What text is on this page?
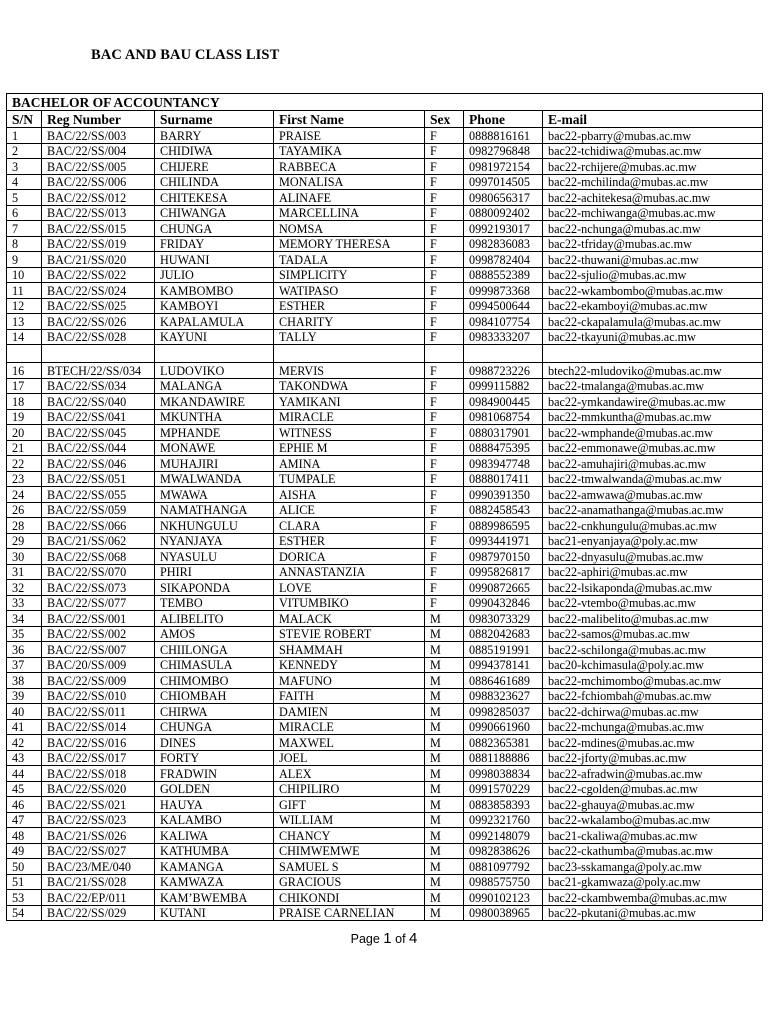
BAC AND BAU CLASS LIST
BACHELOR OF ACCOUNTANCY						
S/N	Reg Number	Surname	First Name	Sex	Phone	E-mail
1	BAC/22/SS/003	BARRY	PRAISE	F	0888816161	bac22-pbarry@mubas.ac.mw
2	BAC/22/SS/004	CHIDIWA	TAYAMIKA	F	0982796848	bac22-tchidiwa@mubas.ac.mw
3	BAC/22/SS/005	CHIJERE	RABBECA	F	0981972154	bac22-rchijere@mubas.ac.mw
4	BAC/22/SS/006	CHILINDA	MONALISA	F	0997014505	bac22-mchilinda@mubas.ac.mw
5	BAC/22/SS/012	CHITEKESA	ALINAFE	F	0980656317	bac22-achitekesa@mubas.ac.mw
6	BAC/22/SS/013	CHIWANGA	MARCELLINA	F	0880092402	bac22-mchiwanga@mubas.ac.mw
7	BAC/22/SS/015	CHUNGA	NOMSA	F	0992193017	bac22-nchunga@mubas.ac.mw
8	BAC/22/SS/019	FRIDAY	MEMORY THERESA	F	0982836083	bac22-tfriday@mubas.ac.mw
9	BAC/21/SS/020	HUWANI	TADALA	F	0998782404	bac22-thuwani@mubas.ac.mw
10	BAC/22/SS/022	JULIO	SIMPLICITY	F	0888552389	bac22-sjulio@mubas.ac.mw
11	BAC/22/SS/024	KAMBOMBO	WATIPASO	F	0999873368	bac22-wkambombo@mubas.ac.mw
12	BAC/22/SS/025	KAMBOYI	ESTHER	F	0994500644	bac22-ekamboyi@mubas.ac.mw
13	BAC/22/SS/026	KAPALAMULA	CHARITY	F	0984107754	bac22-ckapalamula@mubas.ac.mw
14	BAC/22/SS/028	KAYUNI	TALLY	F	0983333207	bac22-tkayuni@mubas.ac.mw

16	BTECH/22/SS/034	LUDOVIKO	MERVIS	F	0988723226	btech22-mludoviko@mubas.ac.mw
17	BAC/22/SS/034	MALANGA	TAKONDWA	F	0999115882	bac22-tmalanga@mubas.ac.mw
18	BAC/22/SS/040	MKANDAWIRE	YAMIKANI	F	0984900445	bac22-ymkandawire@mubas.ac.mw
19	BAC/22/SS/041	MKUNTHA	MIRACLE	F	0981068754	bac22-mmkuntha@mubas.ac.mw
20	BAC/22/SS/045	MPHANDE	WITNESS	F	0880317901	bac22-wmphande@mubas.ac.mw
21	BAC/22/SS/044	MONAWE	EPHIE M	F	0888475395	bac22-emmonawe@mubas.ac.mw
22	BAC/22/SS/046	MUHAJIRI	AMINA	F	0983947748	bac22-amuhajiri@mubas.ac.mw
23	BAC/22/SS/051	MWALWANDA	TUMPALE	F	0888017411	bac22-tmwalwanda@mubas.ac.mw
24	BAC/22/SS/055	MWAWA	AISHA	F	0990391350	bac22-amwawa@mubas.ac.mw
26	BAC/22/SS/059	NAMATHANGA	ALICE	F	0882458543	bac22-anamathanga@mubas.ac.mw
28	BAC/22/SS/066	NKHUNGULU	CLARA	F	0889986595	bac22-cnkhungulu@mubas.ac.mw
29	BAC/21/SS/062	NYANJAYA	ESTHER	F	0993441971	bac21-enyanjaya@poly.ac.mw
30	BAC/22/SS/068	NYASULU	DORICA	F	0987970150	bac22-dnyasulu@mubas.ac.mw
31	BAC/22/SS/070	PHIRI	ANNASTANZIA	F	0995826817	bac22-aphiri@mubas.ac.mw
32	BAC/22/SS/073	SIKAPONDA	LOVE	F	0990872665	bac22-lsikaponda@mubas.ac.mw
33	BAC/22/SS/077	TEMBO	VITUMBIKO	F	0990432846	bac22-vtembo@mubas.ac.mw
34	BAC/22/SS/001	ALIBELITO	MALACK	M	0983073329	bac22-malibelito@mubas.ac.mw
35	BAC/22/SS/002	AMOS	STEVIE ROBERT	M	0882042683	bac22-samos@mubas.ac.mw
36	BAC/22/SS/007	CHIILONGA	SHAMMAH	M	0885191991	bac22-schilonga@mubas.ac.mw
37	BAC/20/SS/009	CHIMASULA	KENNEDY	M	0994378141	bac20-kchimasula@poly.ac.mw
38	BAC/22/SS/009	CHIMOMBO	MAFUNO	M	0886461689	bac22-mchimombo@mubas.ac.mw
39	BAC/22/SS/010	CHIOMBAH	FAITH	M	0988323627	bac22-fchiombah@mubas.ac.mw
40	BAC/22/SS/011	CHIRWA	DAMIEN	M	0998285037	bac22-dchirwa@mubas.ac.mw
41	BAC/22/SS/014	CHUNGA	MIRACLE	M	0990661960	bac22-mchunga@mubas.ac.mw
42	BAC/22/SS/016	DINES	MAXWEL	M	0882365381	bac22-mdines@mubas.ac.mw
43	BAC/22/SS/017	FORTY	JOEL	M	0881188886	bac22-jforty@mubas.ac.mw
44	BAC/22/SS/018	FRADWIN	ALEX	M	0998038834	bac22-afradwin@mubas.ac.mw
45	BAC/22/SS/020	GOLDEN	CHIPILIRO	M	0991570229	bac22-cgolden@mubas.ac.mw
46	BAC/22/SS/021	HAUYA	GIFT	M	0883858393	bac22-ghauya@mubas.ac.mw
47	BAC/22/SS/023	KALAMBO	WILLIAM	M	0992321760	bac22-wkalambo@mubas.ac.mw
48	BAC/21/SS/026	KALIWA	CHANCY	M	0992148079	bac21-ckaliwa@mubas.ac.mw
49	BAC/22/SS/027	KATHUMBA	CHIMWEMWE	M	0982838626	bac22-ckathumba@mubas.ac.mw
50	BAC/23/ME/040	KAMANGA	SAMUEL S	M	0881097792	bac23-sskamanga@poly.ac.mw
51	BAC/21/SS/028	KAMWAZA	GRACIOUS	M	0988575750	bac21-gkamwaza@poly.ac.mw
53	BAC/22/EP/011	KAM’BWEMBA	CHIKONDI	M	0990102123	bac22-ckambwemba@mubas.ac.mw
54	BAC/22/SS/029	KUTANI	PRAISE CARNELIAN	M	0980038965	bac22-pkutani@mubas.ac.mw
Page 1 of 4
